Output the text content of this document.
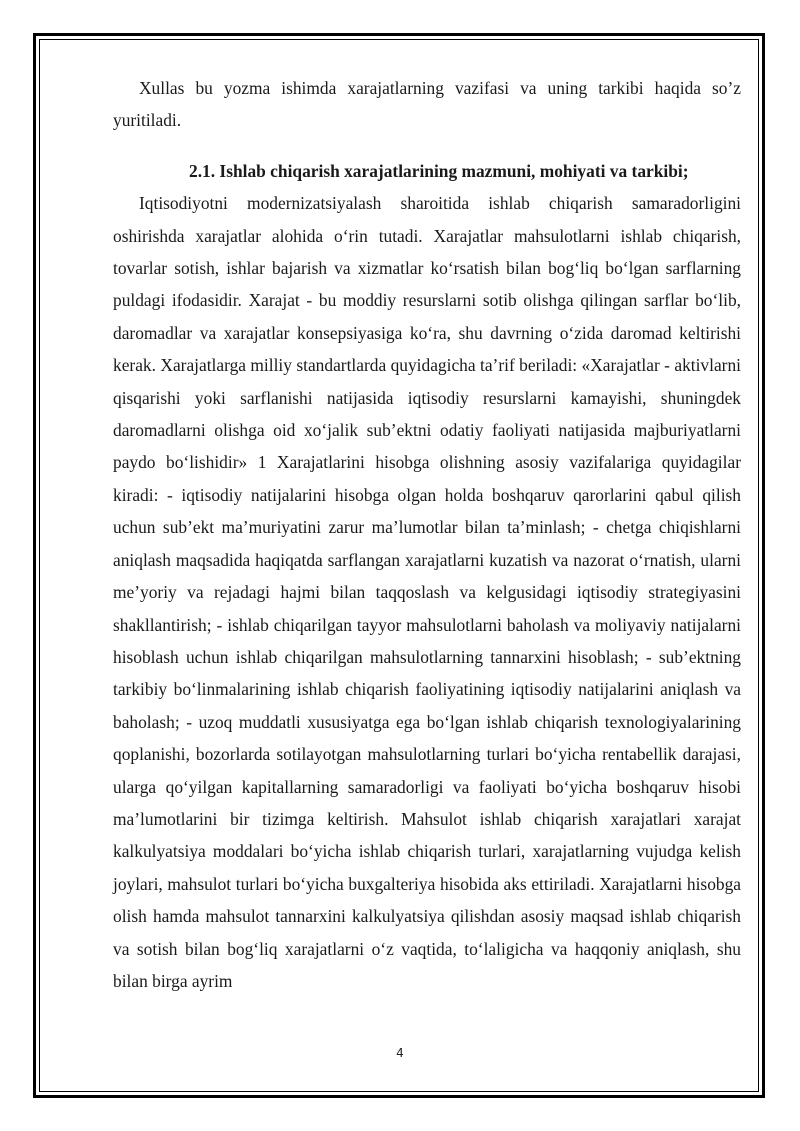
Xullas bu yozma ishimda xarajatlarning vazifasi va uning tarkibi haqida so’z yuritiladi.

2.1. Ishlab chiqarish xarajatlarining mazmuni, mohiyati va tarkibi;

Iqtisodiyotni modernizatsiyalash sharoitida ishlab chiqarish samaradorligini oshirishda xarajatlar alohida oʻrin tutadi. Xarajatlar mahsulotlarni ishlab chiqarish, tovarlar sotish, ishlar bajarish va xizmatlar koʻrsatish bilan bogʻliq boʻlgan sarflarning puldagi ifodasidir. Xarajat - bu moddiy resurslarni sotib olishga qilingan sarflar boʻlib, daromadlar va xarajatlar konsepsiyasiga koʻra, shu davrning oʻzida daromad keltirishi kerak. Xarajatlarga milliy standartlarda quyidagicha ta’rif beriladi: «Xarajatlar - aktivlarni qisqarishi yoki sarflanishi natijasida iqtisodiy resurslarni kamayishi, shuningdek daromadlarni olishga oid xoʻjalik sub’ektni odatiy faoliyati natijasida majburiyatlarni paydo boʻlishidir» 1 Xarajatlarini hisobga olishning asosiy vazifalariga quyidagilar kiradi: - iqtisodiy natijalarini hisobga olgan holda boshqaruv qarorlarini qabul qilish uchun sub’ekt ma’muriyatini zarur ma’lumotlar bilan ta’minlash; - chetga chiqishlarni aniqlash maqsadida haqiqatda sarflangan xarajatlarni kuzatish va nazorat oʻrnatish, ularni me’yoriy va rejadagi hajmi bilan taqqoslash va kelgusidagi iqtisodiy strategiyasini shakllantirish; - ishlab chiqarilgan tayyor mahsulotlarni baholash va moliyaviy natijalarni hisoblash uchun ishlab chiqarilgan mahsulotlarning tannarxini hisoblash; - sub’ektning tarkibiy boʻlinmalarining ishlab chiqarish faoliyatining iqtisodiy natijalarini aniqlash va baholash; - uzoq muddatli xususiyatga ega boʻlgan ishlab chiqarish texnologiyalarining qoplanishi, bozorlarda sotilayotgan mahsulotlarning turlari boʻyicha rentabellik darajasi, ularga qoʻyilgan kapitallarning samaradorligi va faoliyati boʻyicha boshqaruv hisobi ma’lumotlarini bir tizimga keltirish. Mahsulot ishlab chiqarish xarajatlari xarajat kalkulyatsiya moddalari boʻyicha ishlab chiqarish turlari, xarajatlarning vujudga kelish joylari, mahsulot turlari boʻyicha buxgalteriya hisobida aks ettiriladi. Xarajatlarni hisobga olish hamda mahsulot tannarxini kalkulyatsiya qilishdan asosiy maqsad ishlab chiqarish va sotish bilan bogʻliq xarajatlarni oʻz vaqtida, toʻlaligicha va haqqoniy aniqlash, shu bilan birga ayrim

4
